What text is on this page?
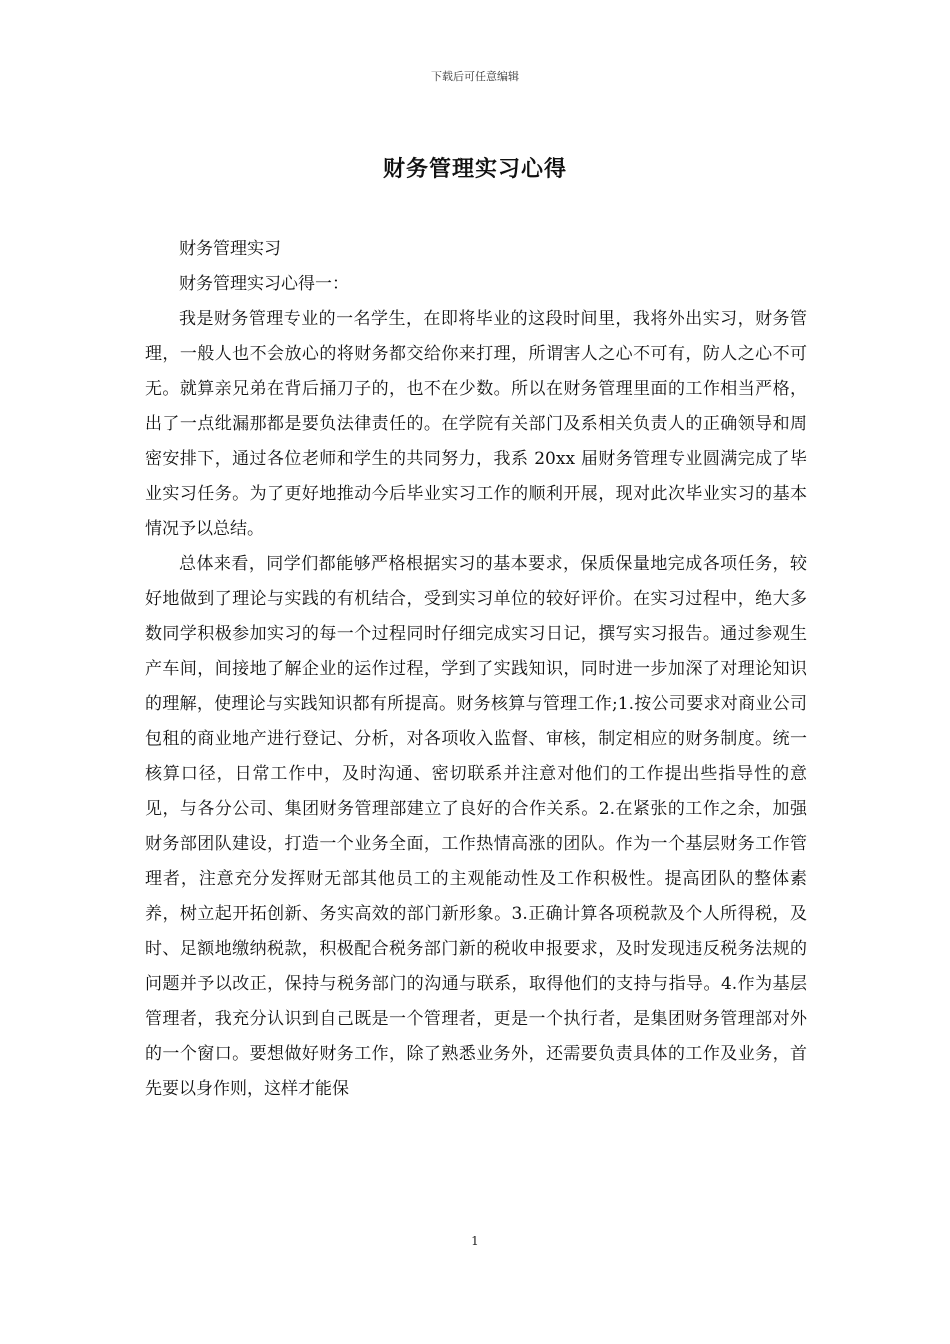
下载后可任意编辑
财务管理实习心得

财务管理实习

财务管理实习心得一：

我是财务管理专业的一名学生，在即将毕业的这段时间里，我将外出实习，财务管理，一般人也不会放心的将财务都交给你来打理，所谓害人之心不可有，防人之心不可无。就算亲兄弟在背后捅刀子的，也不在少数。所以在财务管理里面的工作相当严格，出了一点纰漏那都是要负法律责任的。在学院有关部门及系相关负责人的正确领导和周密安排下，通过各位老师和学生的共同努力，我系 20xx 届财务管理专业圆满完成了毕业实习任务。为了更好地推动今后毕业实习工作的顺利开展，现对此次毕业实习的基本情况予以总结。

总体来看，同学们都能够严格根据实习的基本要求，保质保量地完成各项任务，较好地做到了理论与实践的有机结合，受到实习单位的较好评价。在实习过程中，绝大多数同学积极参加实习的每一个过程同时仔细完成实习日记，撰写实习报告。通过参观生产车间，间接地了解企业的运作过程，学到了实践知识，同时进一步加深了对理论知识的理解，使理论与实践知识都有所提高。财务核算与管理工作;1.按公司要求对商业公司包租的商业地产进行登记、分析，对各项收入监督、审核，制定相应的财务制度。统一核算口径，日常工作中，及时沟通、密切联系并注意对他们的工作提出些指导性的意见，与各分公司、集团财务管理部建立了良好的合作关系。2.在紧张的工作之余，加强财务部团队建设，打造一个业务全面，工作热情高涨的团队。作为一个基层财务工作管理者，注意充分发挥财无部其他员工的主观能动性及工作积极性。提高团队的整体素养，树立起开拓创新、务实高效的部门新形象。3.正确计算各项税款及个人所得税，及时、足额地缴纳税款，积极配合税务部门新的税收申报要求，及时发现违反税务法规的问题并予以改正，保持与税务部门的沟通与联系，取得他们的支持与指导。4.作为基层管理者，我充分认识到自己既是一个管理者，更是一个执行者，是集团财务管理部对外的一个窗口。要想做好财务工作，除了熟悉业务外，还需要负责具体的工作及业务，首先要以身作则，这样才能保

1
